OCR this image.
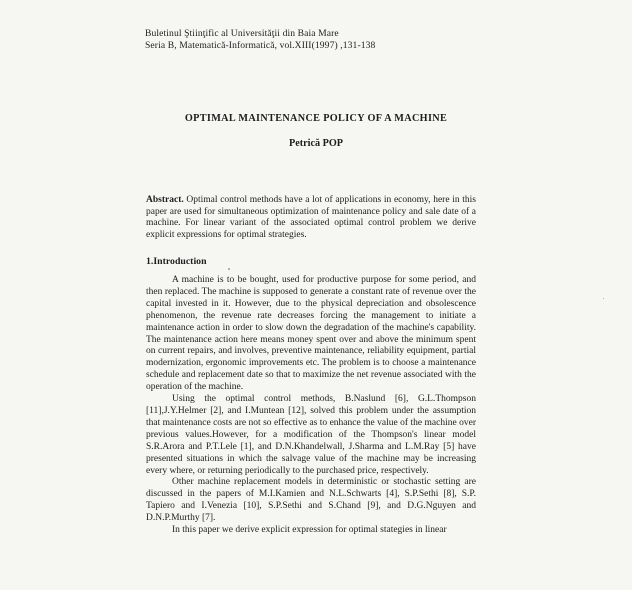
Buletinul Ştiinţific al Universităţii din Baia Mare
Seria B, Matematică-Informatică, vol.XIII(1997) ,131-138
OPTIMAL MAINTENANCE POLICY OF A MACHINE
Petrică POP
Abstract. Optimal control methods have a lot of applications in economy, here in this paper are used for simultaneous optimization of maintenance policy and sale date of a machine. For linear variant of the associated optimal control problem we derive explicit expressions for optimal strategies.
1.Introduction

A machine is to be bought, used for productive purpose for some period, and then replaced. The machine is supposed to generate a constant rate of revenue over the capital invested in it. However, due to the physical depreciation and obsolescence phenomenon, the revenue rate decreases forcing the management to initiate a maintenance action in order to slow down the degradation of the machine's capability. The maintenance action here means money spent over and above the minimum spent on current repairs, and involves, preventive maintenance, reliability equipment, partial modernization, ergonomic improvements etc. The problem is to choose a maintenance schedule and replacement date so that to maximize the net revenue associated with the operation of the machine.

Using the optimal control methods, B.Naslund [6], G.L.Thompson [11],J.Y.Helmer [2], and I.Muntean [12], solved this problem under the assumption that maintenance costs are not so effective as to enhance the value of the machine over previous values.However, for a modification of the Thompson's linear model S.R.Arora and P.T.Lele [1], and D.N.Khandelwall, J.Sharma and L.M.Ray [5] have presented situations in which the salvage value of the machine may be increasing every where, or returning periodically to the purchased price, respectively.

Other machine replacement models in deterministic or stochastic setting are discussed in the papers of M.I.Kamien and N.L.Schwarts [4], S.P.Sethi [8], S.P. Tapiero and I.Venezia [10], S.P.Sethi and S.Chand [9], and D.G.Nguyen and D.N.P.Murthy [7].

In this paper we derive explicit expression for optimal stategies in linear
